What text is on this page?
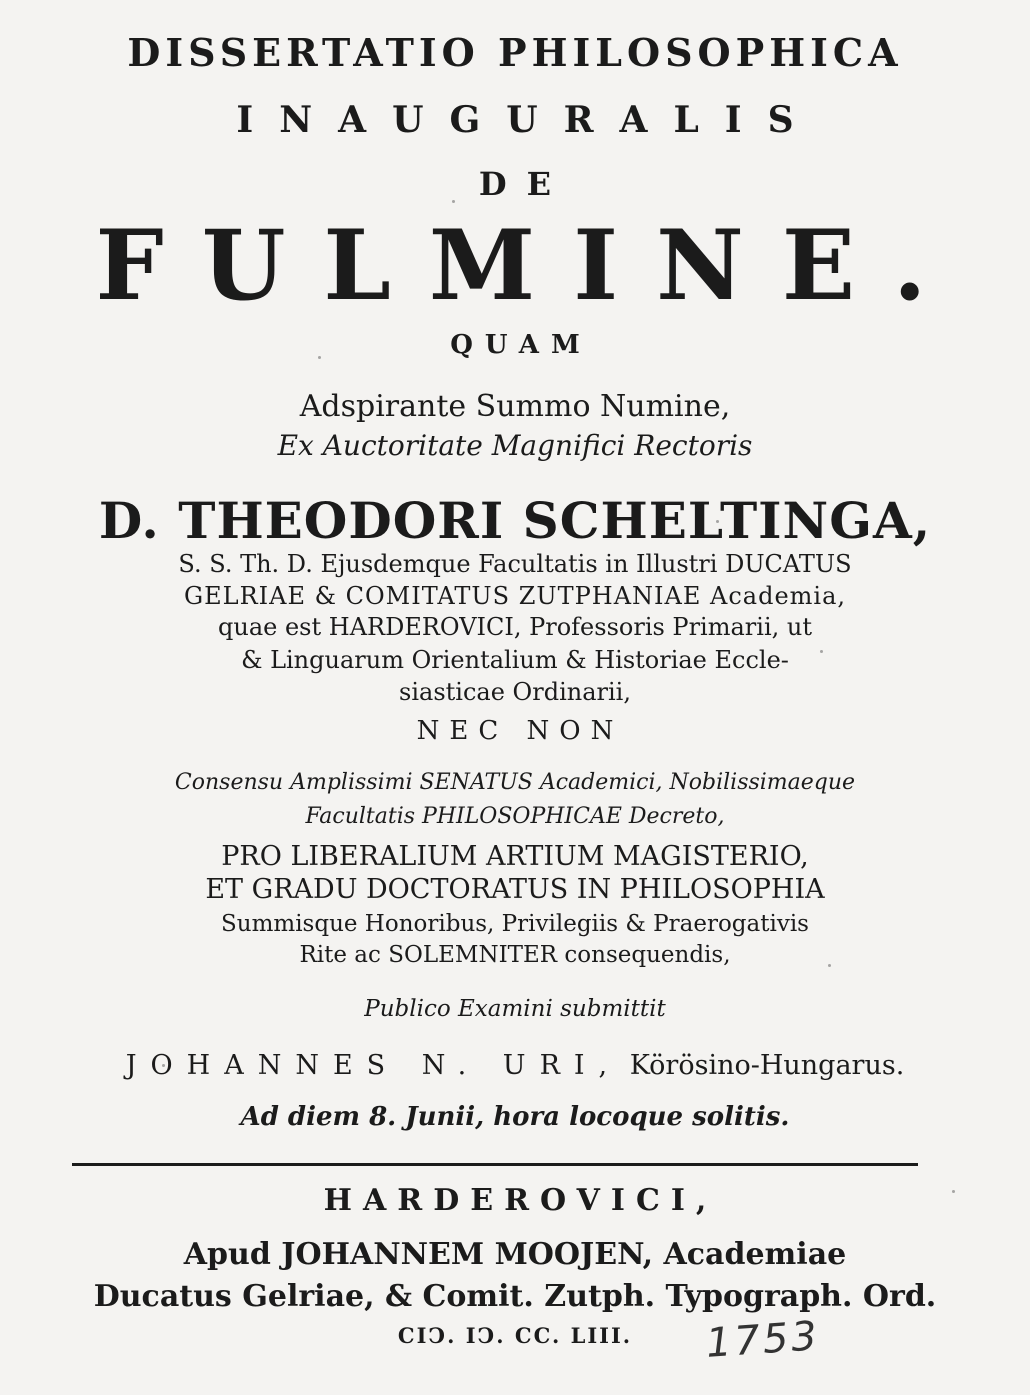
DISSERTATIO PHILOSOPHICA
INAUGURALIS
DE
FULMINE.
QUAM
Adspirante Summo Numine,
Ex Auctoritate Magnifici Rectoris
D. THEODORI SCHELTINGA,
S. S. Th. D. Ejusdemque Facultatis in Illustri DUCATUS
GELRIAE & COMITATUS ZUTPHANIAE Academia,
quae est HARDEROVICI, Professoris Primarii, ut
& Linguarum Orientalium & Historiae Eccle-
siasticae Ordinarii,
NEC NON
Consensu Amplissimi SENATUS Academici, Nobilissimaeque
Facultatis PHILOSOPHICAE Decreto,
PRO LIBERALIUM ARTIUM MAGISTERIO,
ET GRADU DOCTORATUS IN PHILOSOPHIA
Summisque Honoribus, Privilegiis & Praerogativis
Rite ac SOLEMNITER consequendis,
Publico Examini submittit
JOHANNES N. URI, Körösino-Hungarus.
Ad diem 8. Junii, hora locoque solitis.
HARDEROVICI,
Apud JOHANNEM MOOJEN, Academiae
Ducatus Gelriae, & Comit. Zutph. Typograph. Ord.
CIↃ. IↃ. CC. LIII.	1753
